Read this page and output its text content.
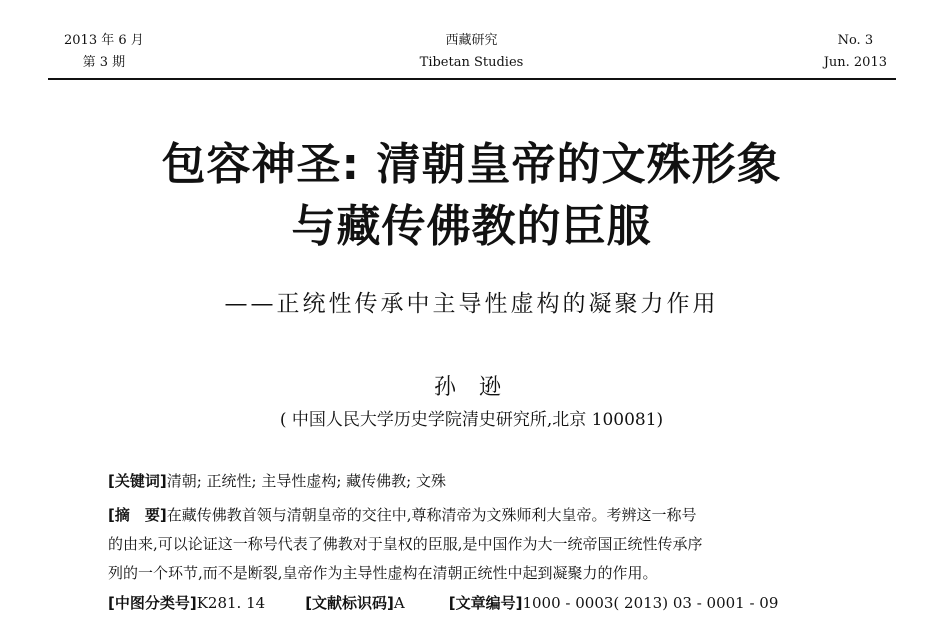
2013 年 6 月
第 3 期
西藏研究
Tibetan Studies
No. 3
Jun. 2013
包容神圣: 清朝皇帝的文殊形象
与藏传佛教的臣服
——正统性传承中主导性虚构的凝聚力作用
孙 逊
( 中国人民大学历史学院清史研究所,北京 100081)
[关键词]清朝; 正统性; 主导性虚构; 藏传佛教; 文殊
[摘　要]在藏传佛教首领与清朝皇帝的交往中,尊称清帝为文殊师利大皇帝。考辨这一称号
的由来,可以论证这一称号代表了佛教对于皇权的臣服,是中国作为大一统帝国正统性传承序
列的一个环节,而不是断裂,皇帝作为主导性虚构在清朝正统性中起到凝聚力的作用。
[中图分类号]K281. 14	[文献标识码]A	[文章编号]1000 - 0003( 2013) 03 - 0001 - 09
